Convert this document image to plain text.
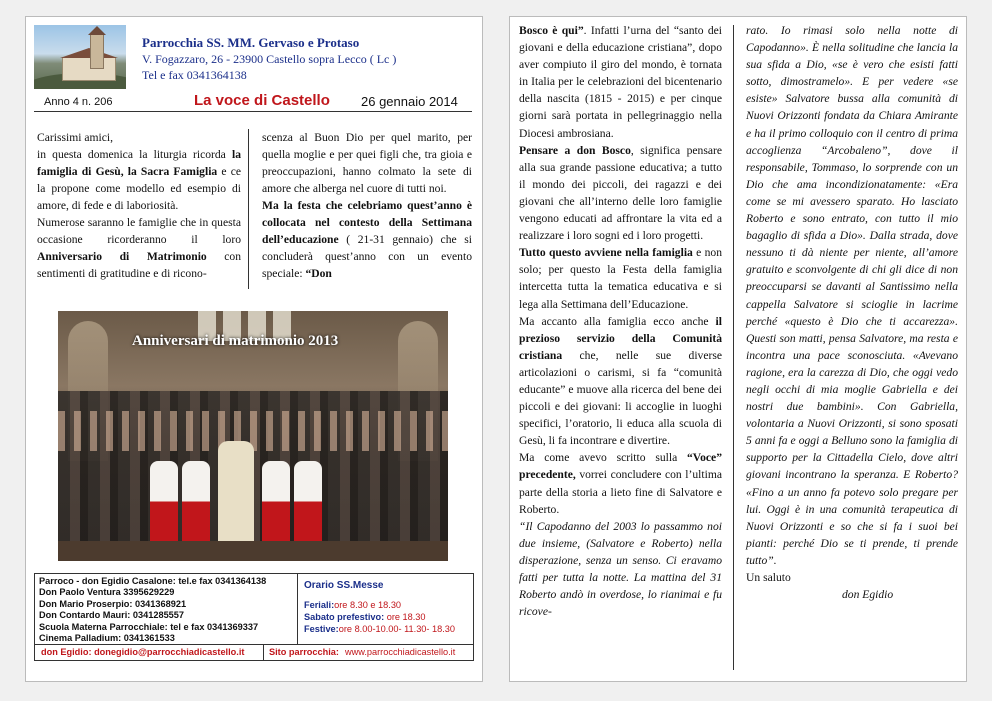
Parrocchia SS. MM. Gervaso e Protaso
V. Fogazzaro, 26 - 23900 Castello sopra Lecco ( Lc )
Tel e fax 0341364138
Anno 4 n. 206	La voce di Castello 26 gennaio 2014

Carissimi amici,

in questa domenica la liturgia ricorda la famiglia di Gesù, la Sacra Famiglia e ce la propone come modello ed esempio di amore, di fede e di laboriosità.

Numerose saranno le famiglie che in questa occasione ricorderanno il loro Anniversario di Matrimonio con sentimenti di gratitudine e di ricono-

scenza al Buon Dio per quel marito, per quella moglie e per quei figli che, tra gioia e preoccupazioni, hanno colmato la sete di amore che alberga nel cuore di tutti noi.

Ma la festa che celebriamo quest’anno è collocata nel contesto della Settimana dell’educazione ( 21-31 gennaio) che si concluderà quest’anno con un evento speciale: “Don

Anniversari di matrimonio 2013
Parroco - don Egidio Casalone: tel.e fax 0341364138
Don Paolo Ventura 3395629229
Don Mario Proserpio: 0341368921
Don Contardo Mauri: 0341285557
Scuola Materna Parrocchiale: tel e fax 0341369337
Cinema Palladium: 0341361533
Orario SS.Messe
Feriali:ore 8.30 e 18.30
Sabato prefestivo: ore 18.30
Festive:ore 8.00-10.00- 11.30- 18.30
don Egidio: donegidio@parrocchiadicastello.it	Sito parrocchia: www.parrocchiadicastello.it

Bosco è qui”. Infatti l’urna del “santo dei giovani e della educazione cristiana”, dopo aver compiuto il giro del mondo, è tornata in Italia per le celebrazioni del bicentenario della nascita (1815 - 2015) e per cinque giorni sarà portata in pellegrinaggio nella Diocesi ambrosiana.

Pensare a don Bosco, significa pensare alla sua grande passione educativa; a tutto il mondo dei piccoli, dei ragazzi e dei giovani che all’interno delle loro famiglie vengono educati ad affrontare la vita ed a realizzare i loro sogni ed i loro progetti.

Tutto questo avviene nella famiglia e non solo; per questo la Festa della famiglia intercetta tutta la tematica educativa e si lega alla Settimana dell’Educazione.

Ma accanto alla famiglia ecco anche il prezioso servizio della Comunità cristiana che, nelle sue diverse articolazioni o carismi, si fa “comunità educante” e muove alla ricerca del bene dei piccoli e dei giovani: li accoglie in luoghi specifici, l’oratorio, li educa alla scuola di Gesù, li fa incontrare e divertire.

Ma come avevo scritto sulla “Voce” precedente, vorrei concludere con l’ultima parte della storia a lieto fine di Salvatore e Roberto.

“Il Capodanno del 2003 lo passammo noi due insieme, (Salvatore e Roberto) nella disperazione, senza un senso. Ci eravamo fatti per tutta la notte. La mattina del 31 Roberto andò in overdose, lo rianimai e fu ricove-

rato. Io rimasi solo nella notte di Capodanno». È nella solitudine che lancia la sua sfida a Dio, «se è vero che esisti fatti sotto, dimostramelo». E per vedere «se esiste» Salvatore bussa alla comunità di Nuovi Orizzonti fondata da Chiara Amirante e ha il primo colloquio con il centro di prima accoglienza “Arcobaleno”, dove il responsabile, Tommaso, lo sorprende con un Dio che ama incondizionatamente: «Era come se mi avessero sparato. Ho lasciato Roberto e sono entrato, con tutto il mio bagaglio di sfida a Dio». Dalla strada, dove nessuno ti dà niente per niente, all’amore gratuito e sconvolgente di chi gli dice di non preoccuparsi se davanti al Santissimo nella cappella Salvatore si scioglie in lacrime perché «questo è Dio che ti accarezza». Questi son matti, pensa Salvatore, ma resta e incontra una pace sconosciuta. «Avevano ragione, era la carezza di Dio, che oggi vedo negli occhi di mia moglie Gabriella e dei nostri due bambini». Con Gabriella, volontaria a Nuovi Orizzonti, si sono sposati 5 anni fa e oggi a Belluno sono la famiglia di supporto per la Cittadella Cielo, dove altri giovani incontrano la speranza. E Roberto? «Fino a un anno fa potevo solo pregare per lui. Oggi è in una comunità terapeutica di Nuovi Orizzonti e so che si fa i suoi bei pianti: perché Dio se ti prende, ti prende tutto”.

Un saluto

don Egidio
